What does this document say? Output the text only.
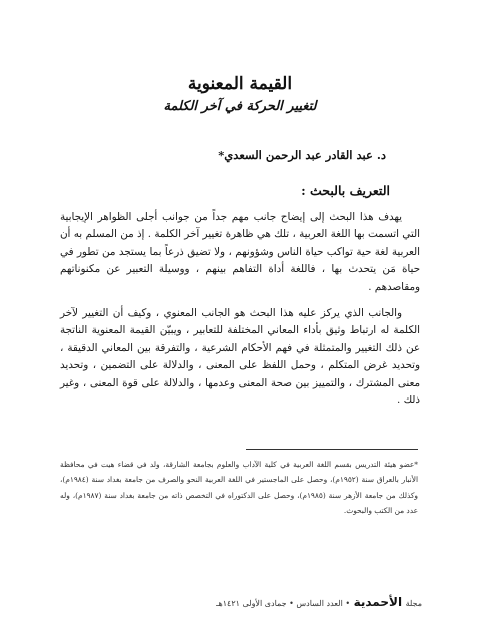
القيمة المعنوية
لتغيير الحركة في آخر الكلمة
د. عبد القادر عبد الرحمن السعدي*
التعريف بالبحث :

يهدف هذا البحث إلى إيضاح جانب مهم جداً من جوانب أجلى الظواهر الإيجابية التي اتسمت بها اللغة العربية ، تلك هي ظاهرة تغيير آخر الكلمة . إذ من المسلم به أن العربية لغة حية تواكب حياة الناس وشؤونهم ، ولا تضيق ذرعاً بما يستجد من تطور في حياة مَن يتحدث بها ، فاللغة أداة التفاهم بينهم ، ووسيلة التعبير عن مكنوناتهم ومقاصدهم .

والجانب الذي يركز عليه هذا البحث هو الجانب المعنوي ، وكيف أن التغيير لآخر الكلمة له ارتباط وثيق بأداء المعاني المختلفة للتعابير ، ويبيّن القيمة المعنوية الناتجة عن ذلك التغيير والمتمثلة في فهم الأحكام الشرعية ، والتفرقة بين المعاني الدقيقة ، وتحديد غرض المتكلم ، وحمل اللفظ على المعنى ، والدلالة على التضمين ، وتحديد معنى المشترك ، والتمييز بين صحة المعنى وعدمها ، والدلالة على قوة المعنى ، وغير ذلك .

*عضو هيئة التدريس بقسم اللغة العربية في كلية الآداب والعلوم بجامعة الشارقة، ولد في قضاء هيت في محافظة الأنبار بالعراق سنة (١٩٥٢م)، وحصل على الماجستير في اللغة العربية النحو والصرف من جامعة بغداد سنة (١٩٨٤م)، وكذلك من جامعة الأزهر سنة (١٩٨٥م)، وحصل على الدكتوراه في التخصص ذاته من جامعة بغداد سنة (١٩٨٧م)، وله عدد من الكتب والبحوث.

مجلة الأحمدية • العدد السادس • جمادى الأولى ١٤٢١هـ
